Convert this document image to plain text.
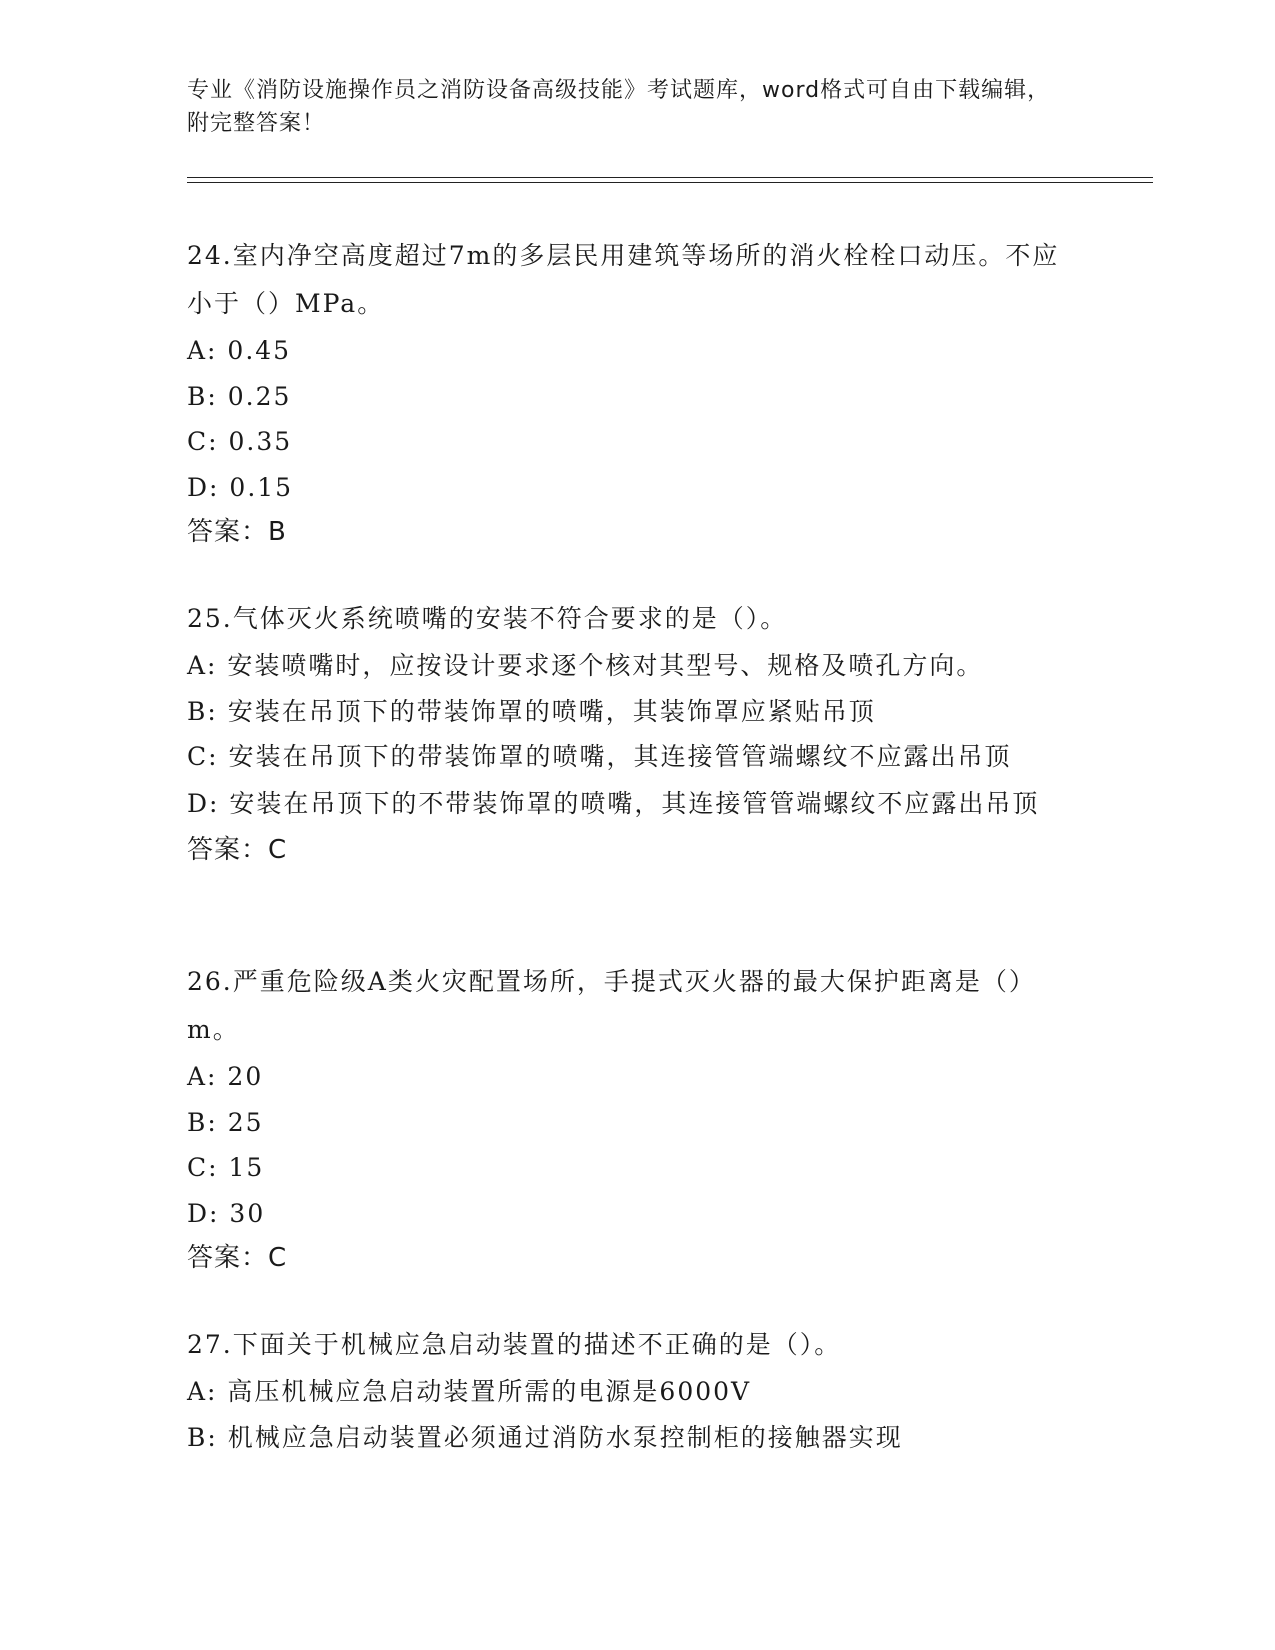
专业《消防设施操作员之消防设备高级技能》考试题库，word格式可自由下载编辑，附完整答案！
24.室内净空高度超过7m的多层民用建筑等场所的消火栓栓口动压。不应小于（）MPa。
A: 0.45
B: 0.25
C: 0.35
D: 0.15
答案：B
25.气体灭火系统喷嘴的安装不符合要求的是（）。
A: 安装喷嘴时，应按设计要求逐个核对其型号、规格及喷孔方向。
B: 安装在吊顶下的带装饰罩的喷嘴，其装饰罩应紧贴吊顶
C: 安装在吊顶下的带装饰罩的喷嘴，其连接管管端螺纹不应露出吊顶
D: 安装在吊顶下的不带装饰罩的喷嘴，其连接管管端螺纹不应露出吊顶
答案：C
26.严重危险级A类火灾配置场所，手提式灭火器的最大保护距离是（）m。
A: 20
B: 25
C: 15
D: 30
答案：C
27.下面关于机械应急启动装置的描述不正确的是（）。
A: 高压机械应急启动装置所需的电源是6000V
B: 机械应急启动装置必须通过消防水泵控制柜的接触器实现
